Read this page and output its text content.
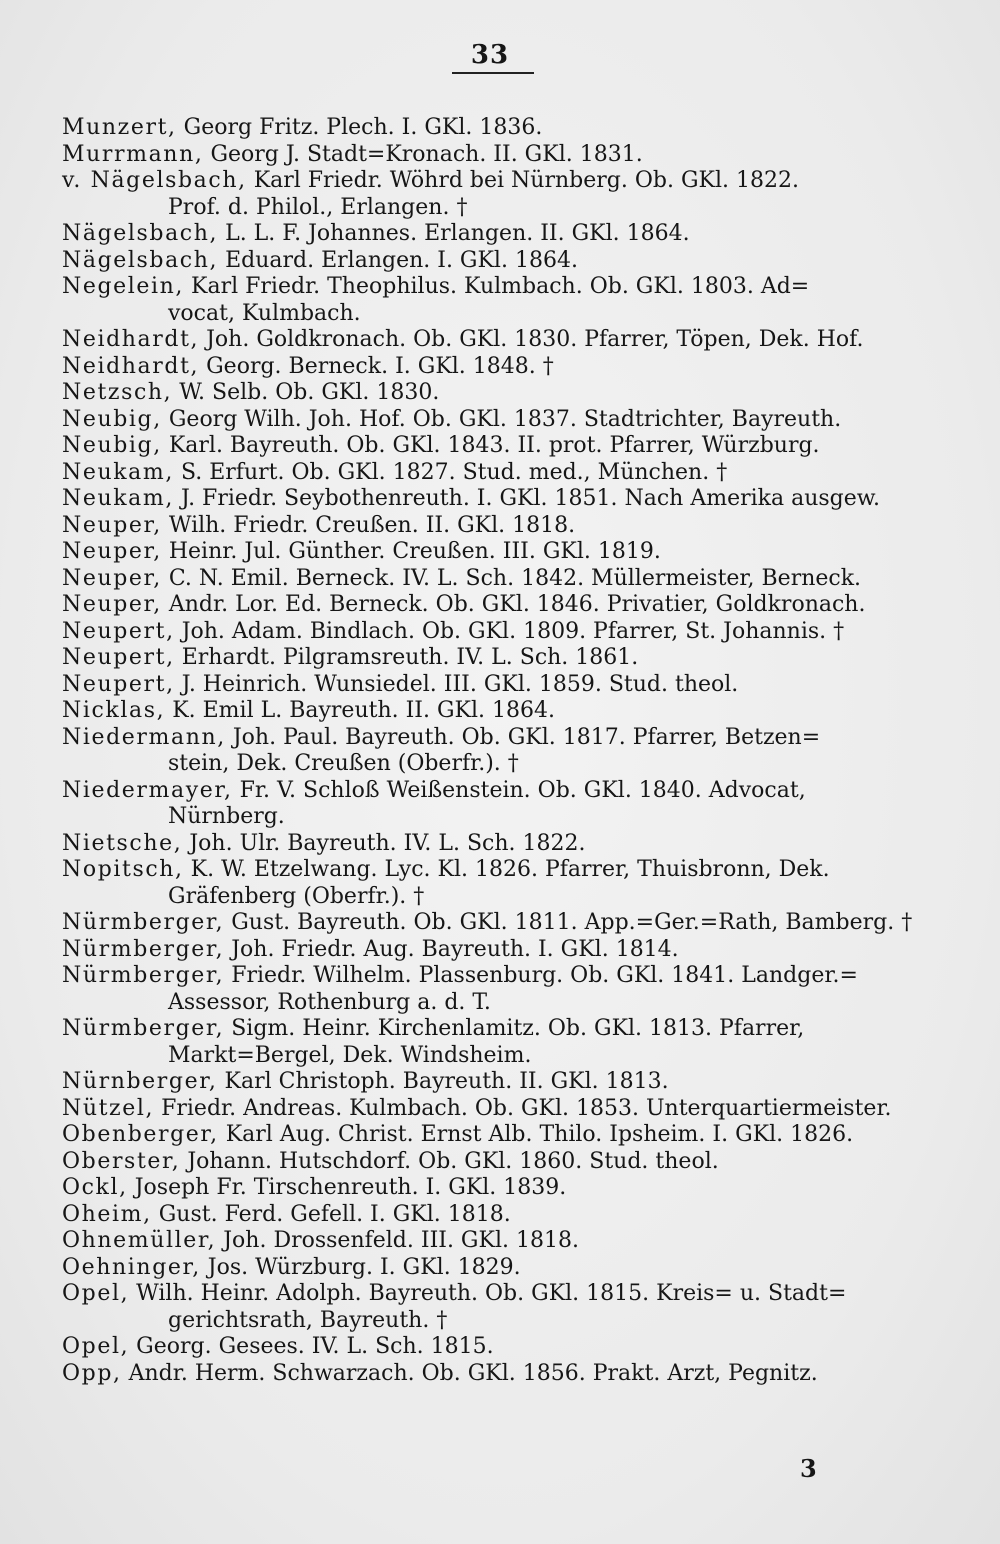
33
Munzert, Georg Fritz. Plech. I. GKl. 1836.
Murrmann, Georg J. Stadt=Kronach. II. GKl. 1831.
v. Nägelsbach, Karl Friedr. Wöhrd bei Nürnberg. Ob. GKl. 1822.
Prof. d. Philol., Erlangen. †
Nägelsbach, L. L. F. Johannes. Erlangen. II. GKl. 1864.
Nägelsbach, Eduard. Erlangen. I. GKl. 1864.
Negelein, Karl Friedr. Theophilus. Kulmbach. Ob. GKl. 1803. Ad=
vocat, Kulmbach.
Neidhardt, Joh. Goldkronach. Ob. GKl. 1830. Pfarrer, Töpen, Dek. Hof.
Neidhardt, Georg. Berneck. I. GKl. 1848. †
Netzsch, W. Selb. Ob. GKl. 1830.
Neubig, Georg Wilh. Joh. Hof. Ob. GKl. 1837. Stadtrichter, Bayreuth.
Neubig, Karl. Bayreuth. Ob. GKl. 1843. II. prot. Pfarrer, Würzburg.
Neukam, S. Erfurt. Ob. GKl. 1827. Stud. med., München. †
Neukam, J. Friedr. Seybothenreuth. I. GKl. 1851. Nach Amerika ausgew.
Neuper, Wilh. Friedr. Creußen. II. GKl. 1818.
Neuper, Heinr. Jul. Günther. Creußen. III. GKl. 1819.
Neuper, C. N. Emil. Berneck. IV. L. Sch. 1842. Müllermeister, Berneck.
Neuper, Andr. Lor. Ed. Berneck. Ob. GKl. 1846. Privatier, Goldkronach.
Neupert, Joh. Adam. Bindlach. Ob. GKl. 1809. Pfarrer, St. Johannis. †
Neupert, Erhardt. Pilgramsreuth. IV. L. Sch. 1861.
Neupert, J. Heinrich. Wunsiedel. III. GKl. 1859. Stud. theol.
Nicklas, K. Emil L. Bayreuth. II. GKl. 1864.
Niedermann, Joh. Paul. Bayreuth. Ob. GKl. 1817. Pfarrer, Betzen=
stein, Dek. Creußen (Oberfr.). †
Niedermayer, Fr. V. Schloß Weißenstein. Ob. GKl. 1840. Advocat,
Nürnberg.
Nietsche, Joh. Ulr. Bayreuth. IV. L. Sch. 1822.
Nopitsch, K. W. Etzelwang. Lyc. Kl. 1826. Pfarrer, Thuisbronn, Dek.
Gräfenberg (Oberfr.). †
Nürmberger, Gust. Bayreuth. Ob. GKl. 1811. App.=Ger.=Rath, Bamberg. †
Nürmberger, Joh. Friedr. Aug. Bayreuth. I. GKl. 1814.
Nürmberger, Friedr. Wilhelm. Plassenburg. Ob. GKl. 1841. Landger.=
Assessor, Rothenburg a. d. T.
Nürmberger, Sigm. Heinr. Kirchenlamitz. Ob. GKl. 1813. Pfarrer,
Markt=Bergel, Dek. Windsheim.
Nürnberger, Karl Christoph. Bayreuth. II. GKl. 1813.
Nützel, Friedr. Andreas. Kulmbach. Ob. GKl. 1853. Unterquartiermeister.
Obenberger, Karl Aug. Christ. Ernst Alb. Thilo. Ipsheim. I. GKl. 1826.
Oberster, Johann. Hutschdorf. Ob. GKl. 1860. Stud. theol.
Ockl, Joseph Fr. Tirschenreuth. I. GKl. 1839.
Oheim, Gust. Ferd. Gefell. I. GKl. 1818.
Ohnemüller, Joh. Drossenfeld. III. GKl. 1818.
Oehninger, Jos. Würzburg. I. GKl. 1829.
Opel, Wilh. Heinr. Adolph. Bayreuth. Ob. GKl. 1815. Kreis= u. Stadt=
gerichtsrath, Bayreuth. †
Opel, Georg. Gesees. IV. L. Sch. 1815.
Opp, Andr. Herm. Schwarzach. Ob. GKl. 1856. Prakt. Arzt, Pegnitz.
3
